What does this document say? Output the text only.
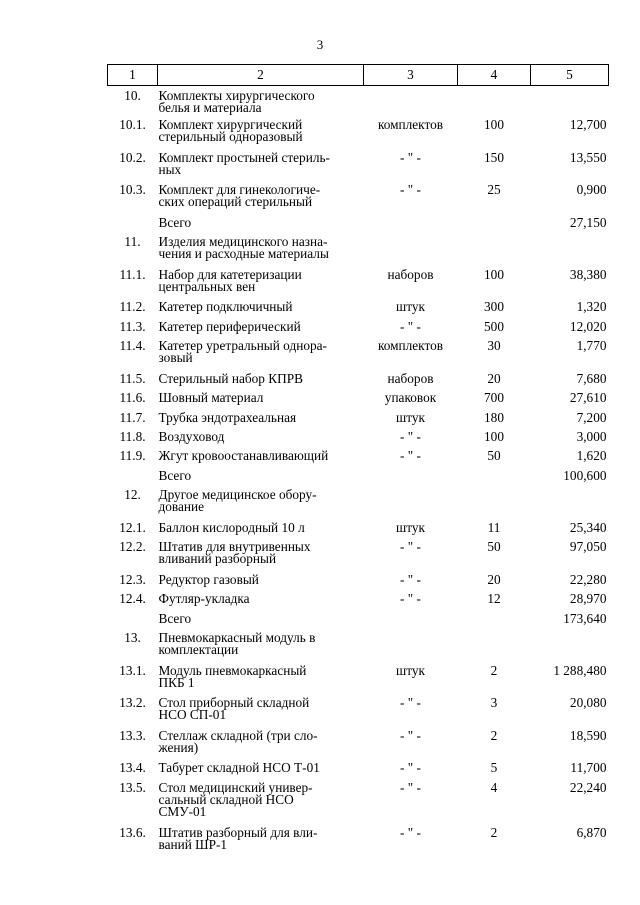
3
1	2	3	4	5
10.	Комплекты хирургического
белья и материала			
10.1.	Комплект хирургический
стерильный одноразовый	комплектов	100	12,700
10.2.	Комплект простыней стериль-
ных	- " -	150	13,550
10.3.	Комплект для гинекологиче-
ских операций стерильный	- " -	25	0,900
	Всего			27,150
11.	Изделия медицинского назна-
чения и расходные материалы			
11.1.	Набор для катетеризации
центральных вен	наборов	100	38,380
11.2.	Катетер подключичный	штук	300	1,320
11.3.	Катетер периферический	- " -	500	12,020
11.4.	Катетер уретральный однора-
зовый	комплектов	30	1,770
11.5.	Стерильный набор КПРВ	наборов	20	7,680
11.6.	Шовный материал	упаковок	700	27,610
11.7.	Трубка эндотрахеальная	штук	180	7,200
11.8.	Воздуховод	- " -	100	3,000
11.9.	Жгут кровоостанавливающий	- " -	50	1,620
	Всего			100,600
12.	Другое медицинское обору-
дование			
12.1.	Баллон кислородный 10 л	штук	11	25,340
12.2.	Штатив для внутривенных
вливаний разборный	- " -	50	97,050
12.3.	Редуктор газовый	- " -	20	22,280
12.4.	Футляр-укладка	- " -	12	28,970
	Всего			173,640
13.	Пневмокаркасный модуль в
комплектации			
13.1.	Модуль пневмокаркасный
ПКБ 1	штук	2	1 288,480
13.2.	Стол приборный складной
НСО СП-01	- " -	3	20,080
13.3.	Стеллаж складной (три сло-
жения)	- " -	2	18,590
13.4.	Табурет складной НСО Т-01	- " -	5	11,700
13.5.	Стол медицинский универ-
сальный складной НСО
СМУ-01	- " -	4	22,240
13.6.	Штатив разборный для вли-
ваний ШР-1	- " -	2	6,870
